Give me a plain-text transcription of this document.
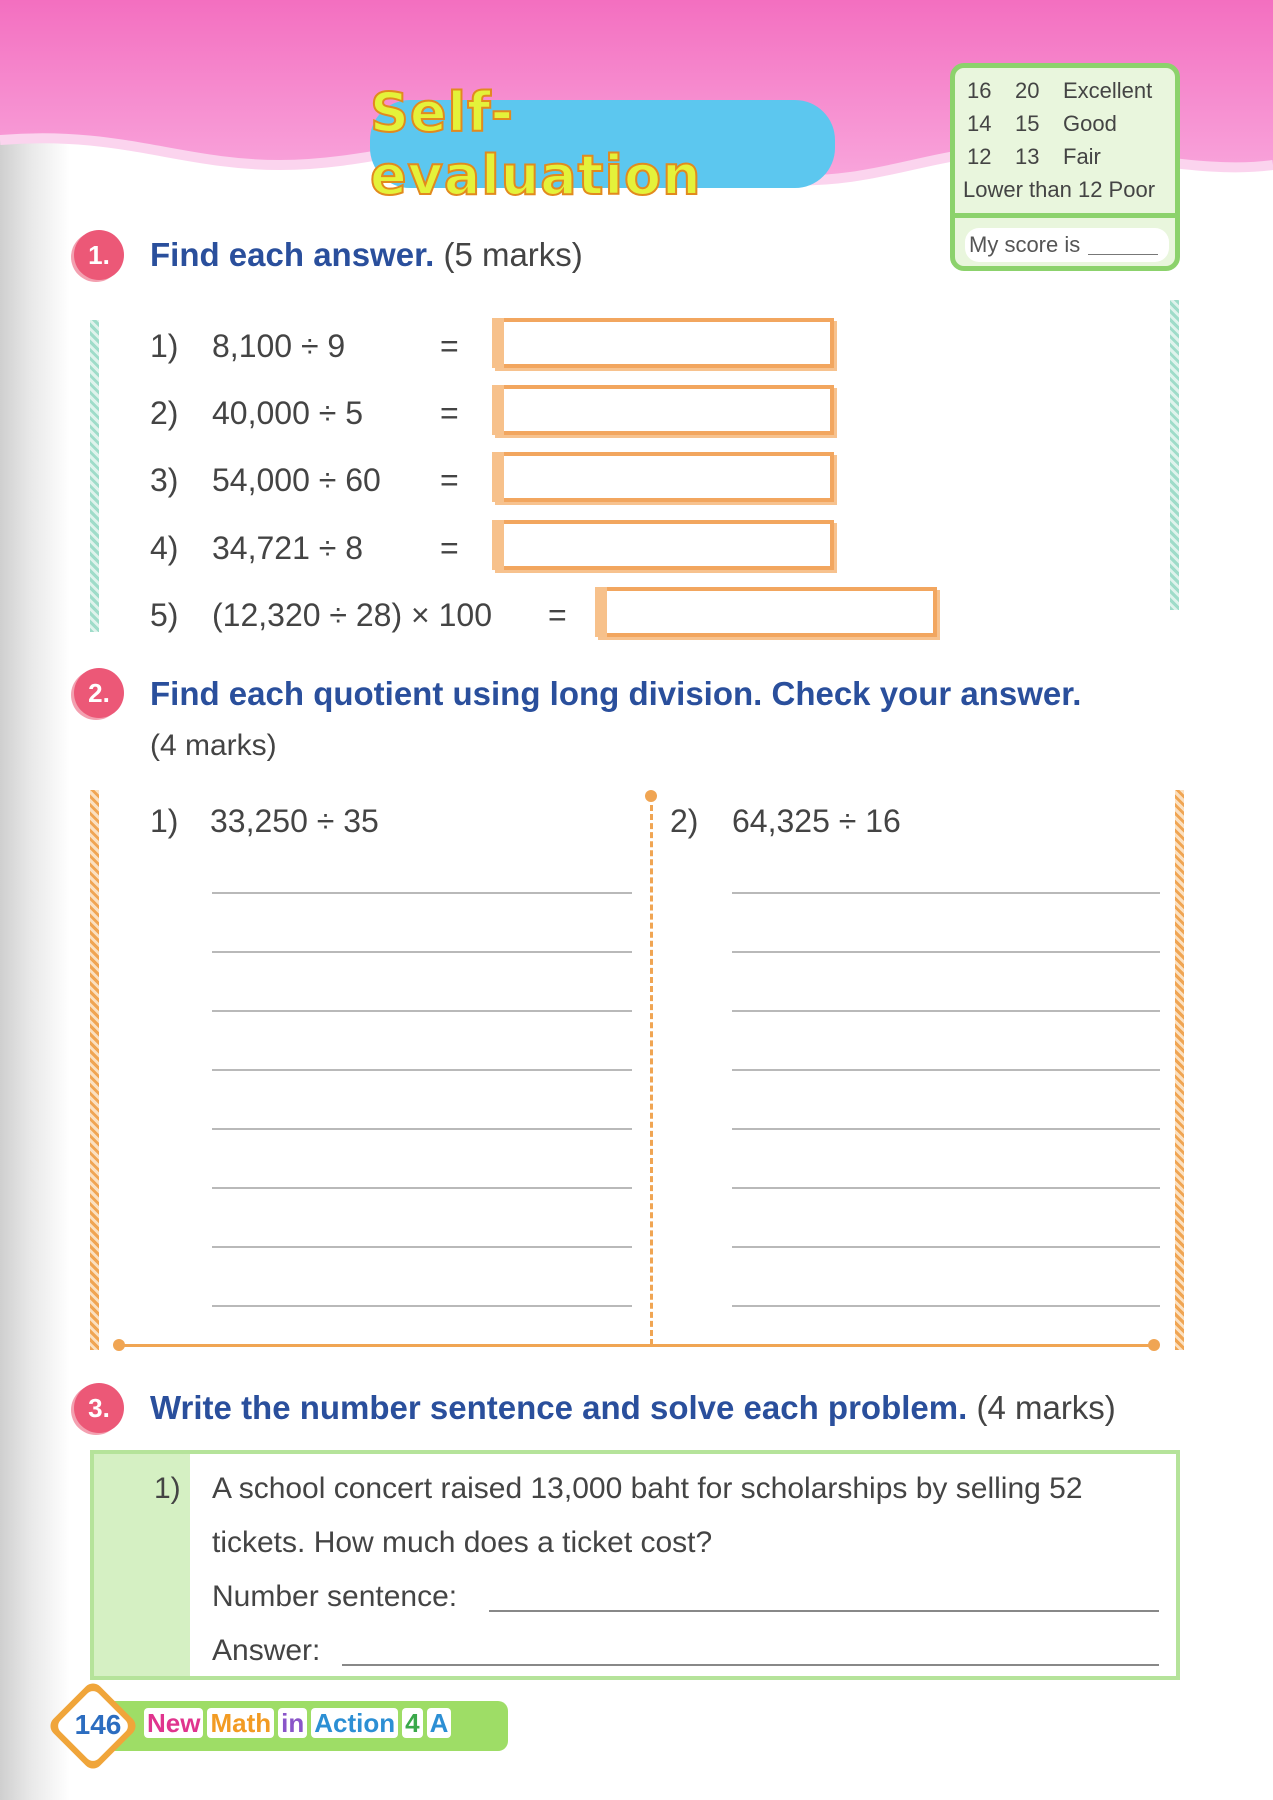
Self-evaluation
16 20 Excellent
14 15 Good
12 13 Fair
Lower than 12 Poor
My score is
1.	Find each answer. (5 marks)
1) 8,100 ÷ 9	=
2) 40,000 ÷ 5 =
3) 54,000 ÷ 60 =
4) 34,721 ÷ 8 =
5) (12,320 ÷ 28) × 100 =
2.	Find each quotient using long division. Check your answer.
(4 marks)
1) 33,250 ÷ 35	2) 64,325 ÷ 16
3.	Write the number sentence and solve each problem. (4 marks)
1) A school concert raised 13,000 baht for scholarships by selling 52
tickets. How much does a ticket cost?
Number sentence:
Answer:
146 New Math in Action 4 A
